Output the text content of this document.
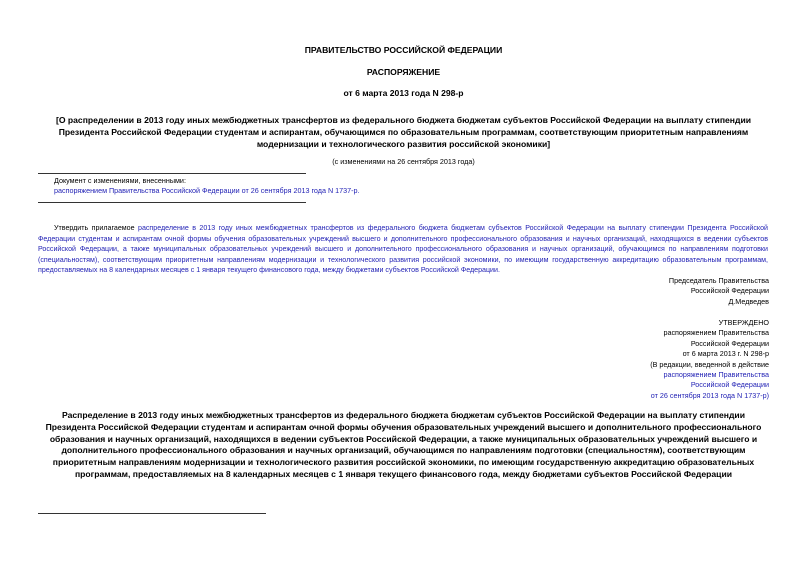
ПРАВИТЕЛЬСТВО РОССИЙСКОЙ ФЕДЕРАЦИИ
РАСПОРЯЖЕНИЕ
от 6 марта 2013 года N 298-р
[О распределении в 2013 году иных межбюджетных трансфертов из федерального бюджета бюджетам субъектов Российской Федерации на выплату стипендии Президента Российской Федерации студентам и аспирантам, обучающимся по образовательным программам, соответствующим приоритетным направлениям модернизации и технологического развития российской экономики]
(с изменениями на 26 сентября 2013 года)
Документ с изменениями, внесенными:
распоряжением Правительства Российской Федерации от 26 сентября 2013 года N 1737-р.
Утвердить прилагаемое распределение в 2013 году иных межбюджетных трансфертов из федерального бюджета бюджетам субъектов Российской Федерации на выплату стипендии Президента Российской Федерации студентам и аспирантам очной формы обучения образовательных учреждений высшего и дополнительного профессионального образования и научных организаций, находящихся в ведении субъектов Российской Федерации, а также муниципальных образовательных учреждений высшего и дополнительного профессионального образования и научных организаций, обучающимся по направлениям подготовки (специальностям), соответствующим приоритетным направлениям модернизации и технологического развития российской экономики, по имеющим государственную аккредитацию образовательным программам, предоставляемых на 8 календарных месяцев с 1 января текущего финансового года, между бюджетами субъектов Российской Федерации.
Председатель Правительства
Российской Федерации
Д.Медведев
УТВЕРЖДЕНО
распоряжением Правительства
Российской Федерации
от 6 марта 2013 г. N 298-р
(В редакции, введенной в действие
распоряжением Правительства
Российской Федерации
от 26 сентября 2013 года N 1737-р)
Распределение в 2013 году иных межбюджетных трансфертов из федерального бюджета бюджетам субъектов Российской Федерации на выплату стипендии Президента Российской Федерации студентам и аспирантам очной формы обучения образовательных учреждений высшего и дополнительного профессионального образования и научных организаций, находящихся в ведении субъектов Российской Федерации, а также муниципальных образовательных учреждений высшего и дополнительного профессионального образования и научных организаций, обучающимся по направлениям подготовки (специальностям), соответствующим приоритетным направлениям модернизации и технологического развития российской экономики, по имеющим государственную аккредитацию образовательных программам, предоставляемых на 8 календарных месяцев с 1 января текущего финансового года, между бюджетами субъектов Российской Федерации
